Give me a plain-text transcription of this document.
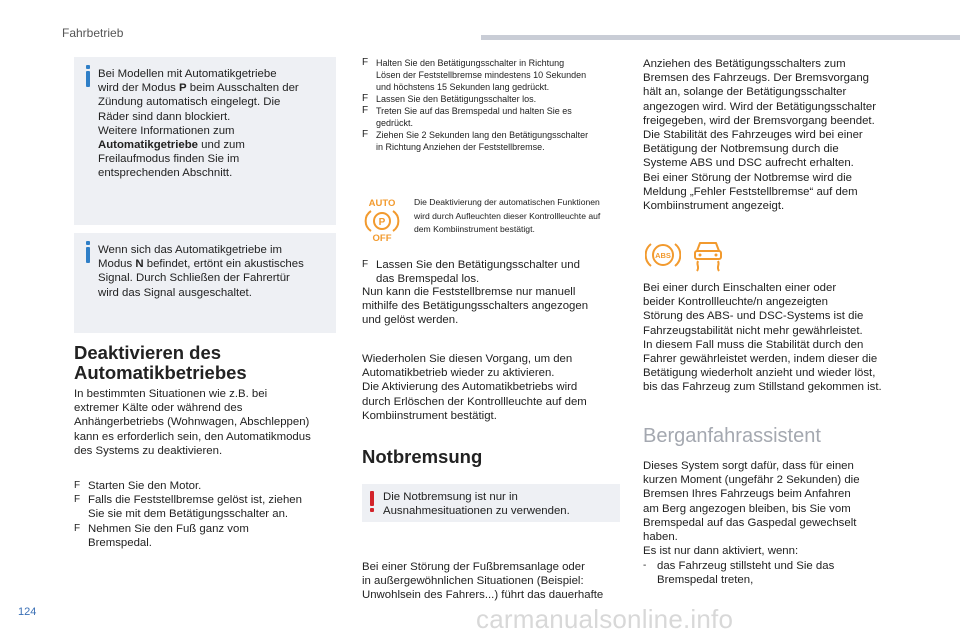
Fahrbetrieb
Bei Modellen mit Automatikgetriebe
wird der Modus P beim Ausschalten der
Zündung automatisch eingelegt. Die
Räder sind dann blockiert.
Weitere Informationen zum
Automatikgetriebe und zum
Freilaufmodus finden Sie im
entsprechenden Abschnitt.
Wenn sich das Automatikgetriebe im
Modus N befindet, ertönt ein akustisches
Signal. Durch Schließen der Fahrertür
wird das Signal ausgeschaltet.
Deaktivieren des
Automatikbetriebes
In bestimmten Situationen wie z.B. bei
extremer Kälte oder während des
Anhängerbetriebs (Wohnwagen, Abschleppen)
kann es erforderlich sein, den Automatikmodus
des Systems zu deaktivieren.
F Starten Sie den Motor.
F Falls die Feststellbremse gelöst ist, ziehen
Sie sie mit dem Betätigungsschalter an.
F Nehmen Sie den Fuß ganz vom
Bremspedal.
F Halten Sie den Betätigungsschalter in Richtung
Lösen der Feststellbremse mindestens 10 Sekunden
und höchstens 15 Sekunden lang gedrückt.
F Lassen Sie den Betätigungsschalter los.
F Treten Sie auf das Bremspedal und halten Sie es
gedrückt.
F Ziehen Sie 2 Sekunden lang den Betätigungsschalter
in Richtung Anziehen der Feststellbremse.
AUTO
P
OFF
Die Deaktivierung der automatischen Funktionen
wird durch Aufleuchten dieser Kontrollleuchte auf
dem Kombiinstrument bestätigt.
F Lassen Sie den Betätigungsschalter und
das Bremspedal los.
Nun kann die Feststellbremse nur manuell
mithilfe des Betätigungsschalters angezogen
und gelöst werden.
Wiederholen Sie diesen Vorgang, um den
Automatikbetrieb wieder zu aktivieren.
Die Aktivierung des Automatikbetriebs wird
durch Erlöschen der Kontrollleuchte auf dem
Kombiinstrument bestätigt.
Notbremsung
Die Notbremsung ist nur in
Ausnahmesituationen zu verwenden.
Bei einer Störung der Fußbremsanlage oder
in außergewöhnlichen Situationen (Beispiel:
Unwohlsein des Fahrers...) führt das dauerhafte
Anziehen des Betätigungsschalters zum
Bremsen des Fahrzeugs. Der Bremsvorgang
hält an, solange der Betätigungsschalter
angezogen wird. Wird der Betätigungsschalter
freigegeben, wird der Bremsvorgang beendet.
Die Stabilität des Fahrzeuges wird bei einer
Betätigung der Notbremsung durch die
Systeme ABS und DSC aufrecht erhalten.
Bei einer Störung der Notbremse wird die
Meldung „Fehler Feststellbremse“ auf dem
Kombiinstrument angezeigt.
ABS
Bei einer durch Einschalten einer oder
beider Kontrollleuchte/n angezeigten
Störung des ABS- und DSC-Systems ist die
Fahrzeugstabilität nicht mehr gewährleistet.
In diesem Fall muss die Stabilität durch den
Fahrer gewährleistet werden, indem dieser die
Betätigung wiederholt anzieht und wieder löst,
bis das Fahrzeug zum Stillstand gekommen ist.
Berganfahrassistent
Dieses System sorgt dafür, dass für einen
kurzen Moment (ungefähr 2 Sekunden) die
Bremsen Ihres Fahrzeugs beim Anfahren
am Berg angezogen bleiben, bis Sie vom
Bremspedal auf das Gaspedal gewechselt
haben.
Es ist nur dann aktiviert, wenn:
- das Fahrzeug stillsteht und Sie das
Bremspedal treten,
124	carmanualsonline.info
